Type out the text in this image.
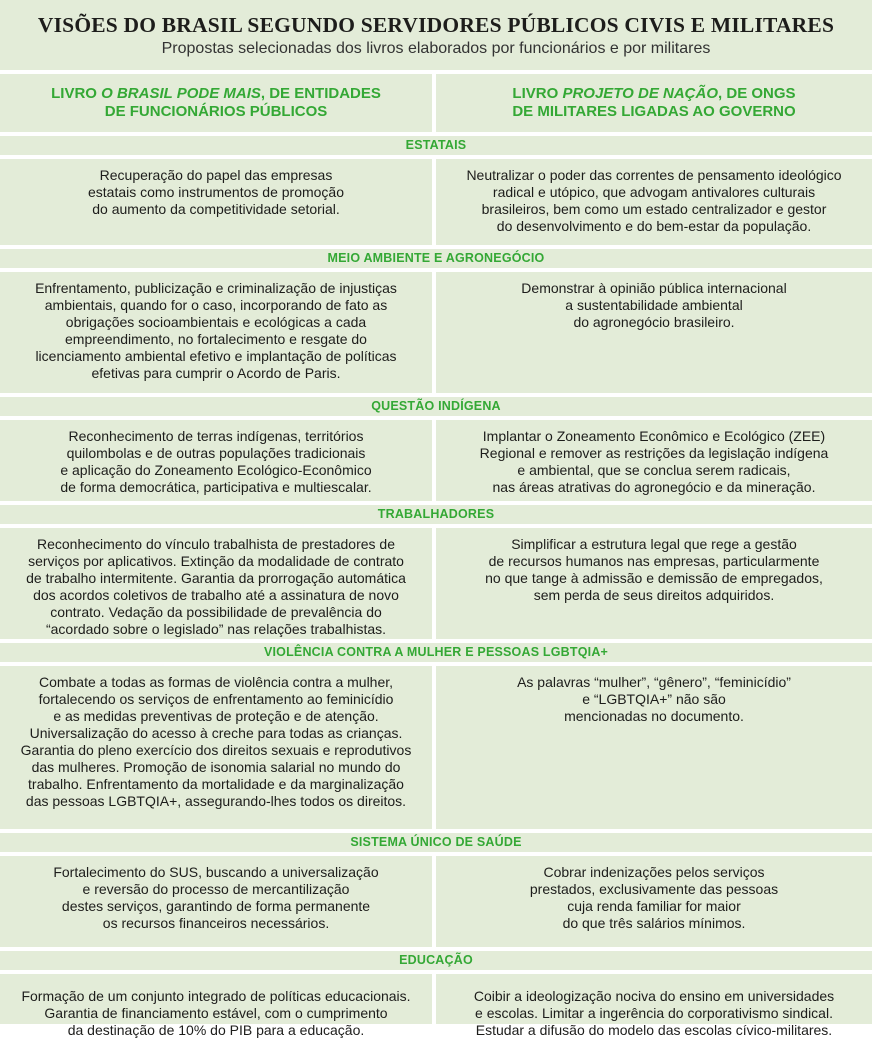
VISÕES DO BRASIL SEGUNDO SERVIDORES PÚBLICOS CIVIS E MILITARES
Propostas selecionadas dos livros elaborados por funcionários e por militares
LIVRO O BRASIL PODE MAIS, DE ENTIDADES
DE FUNCIONÁRIOS PÚBLICOS
LIVRO PROJETO DE NAÇÃO, DE ONGS
DE MILITARES LIGADAS AO GOVERNO
ESTATAIS
Recuperação do papel das empresas
estatais como instrumentos de promoção
do aumento da competitividade setorial.
Neutralizar o poder das correntes de pensamento ideológico
radical e utópico, que advogam antivalores culturais
brasileiros, bem como um estado centralizador e gestor
do desenvolvimento e do bem-estar da população.
MEIO AMBIENTE E AGRONEGÓCIO
Enfrentamento, publicização e criminalização de injustiças
ambientais, quando for o caso, incorporando de fato as
obrigações socioambientais e ecológicas a cada
empreendimento, no fortalecimento e resgate do
licenciamento ambiental efetivo e implantação de políticas
efetivas para cumprir o Acordo de Paris.
Demonstrar à opinião pública internacional
a sustentabilidade ambiental
do agronegócio brasileiro.
QUESTÃO INDÍGENA
Reconhecimento de terras indígenas, territórios
quilombolas e de outras populações tradicionais
e aplicação do Zoneamento Ecológico-Econômico
de forma democrática, participativa e multiescalar.
Implantar o Zoneamento Econômico e Ecológico (ZEE)
Regional e remover as restrições da legislação indígena
e ambiental, que se conclua serem radicais,
nas áreas atrativas do agronegócio e da mineração.
TRABALHADORES
Reconhecimento do vínculo trabalhista de prestadores de
serviços por aplicativos. Extinção da modalidade de contrato
de trabalho intermitente. Garantia da prorrogação automática
dos acordos coletivos de trabalho até a assinatura de novo
contrato. Vedação da possibilidade de prevalência do
“acordado sobre o legislado” nas relações trabalhistas.
Simplificar a estrutura legal que rege a gestão
de recursos humanos nas empresas, particularmente
no que tange à admissão e demissão de empregados,
sem perda de seus direitos adquiridos.
VIOLÊNCIA CONTRA A MULHER E PESSOAS LGBTQIA+
Combate a todas as formas de violência contra a mulher,
fortalecendo os serviços de enfrentamento ao feminicídio
e as medidas preventivas de proteção e de atenção.
Universalização do acesso à creche para todas as crianças.
Garantia do pleno exercício dos direitos sexuais e reprodutivos
das mulheres. Promoção de isonomia salarial no mundo do
trabalho. Enfrentamento da mortalidade e da marginalização
das pessoas LGBTQIA+, assegurando-lhes todos os direitos.
As palavras “mulher”, “gênero”, “feminicídio”
e “LGBTQIA+” não são
mencionadas no documento.
SISTEMA ÚNICO DE SAÚDE
Fortalecimento do SUS, buscando a universalização
e reversão do processo de mercantilização
destes serviços, garantindo de forma permanente
os recursos financeiros necessários.
Cobrar indenizações pelos serviços
prestados, exclusivamente das pessoas
cuja renda familiar for maior
do que três salários mínimos.
EDUCAÇÃO
Formação de um conjunto integrado de políticas educacionais.
Garantia de financiamento estável, com o cumprimento
da destinação de 10% do PIB para a educação.
Coibir a ideologização nociva do ensino em universidades
e escolas. Limitar a ingerência do corporativismo sindical.
Estudar a difusão do modelo das escolas cívico-militares.
